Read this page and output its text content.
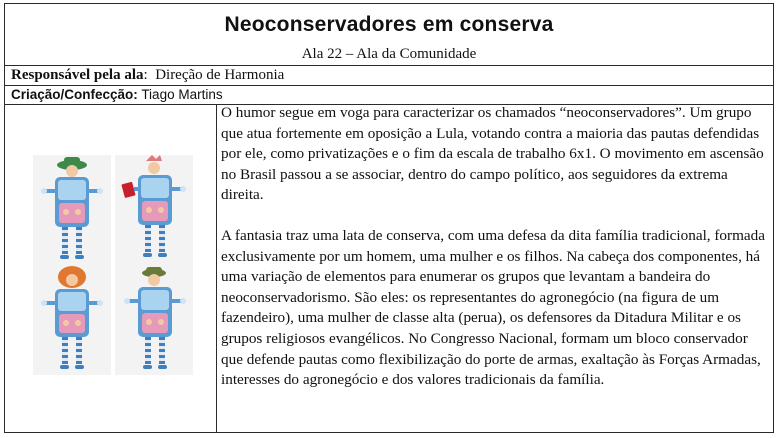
Neoconservadores em conserva
Ala 22 – Ala da Comunidade
Responsável pela ala:  Direção de Harmonia
Criação/Confecção: Tiago Martins

O humor segue em voga para caracterizar os chamados “neoconservadores”. Um grupo que atua fortemente em oposição a Lula, votando contra a maioria das pautas defendidas por ele, como privatizações e o fim da escala de trabalho 6x1. O movimento em ascensão no Brasil passou a se associar, dentro do campo político, aos seguidores da extrema direita.

A fantasia traz uma lata de conserva, com uma defesa da dita família tradicional, formada exclusivamente por um homem, uma mulher e os filhos. Na cabeça dos componentes, há uma variação de elementos para enumerar os grupos que levantam a bandeira do neoconservadorismo. São eles: os representantes do agronegócio (na figura de um fazendeiro), uma mulher de classe alta (perua), os defensores da Ditadura Militar e os grupos religiosos evangélicos. No Congresso Nacional, formam um bloco conservador que defende pautas como flexibilização do porte de armas, exaltação às Forças Armadas, interesses do agronegócio e dos valores tradicionais da família.
